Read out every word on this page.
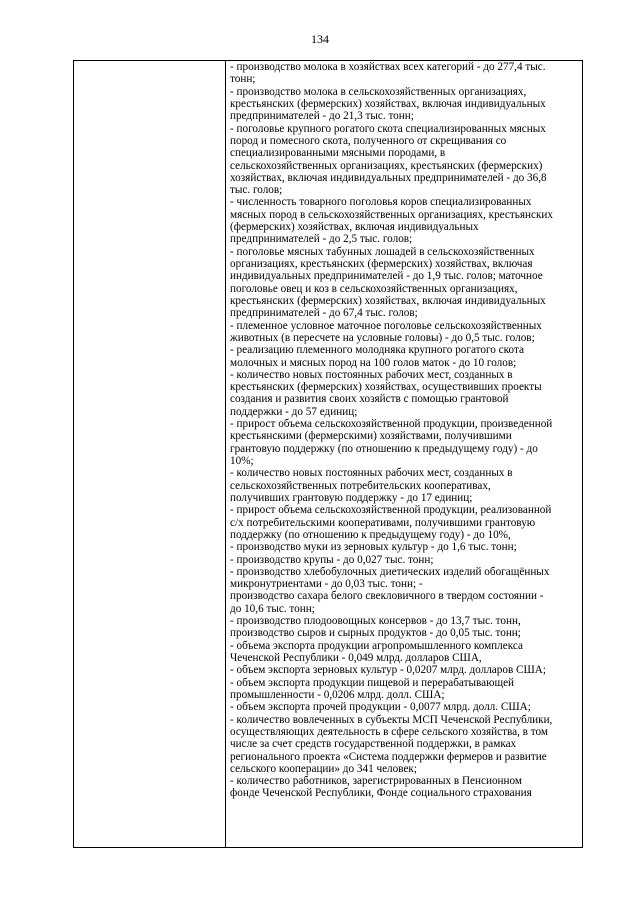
134
- производство молока в хозяйствах всех категорий - до 277,4 тыс.
тонн;
- производство молока в сельскохозяйственных организациях,
крестьянских (фермерских) хозяйствах, включая индивидуальных
предпринимателей - до 21,3 тыс. тонн;
- поголовье крупного рогатого скота специализированных мясных
пород и помесного скота, полученного от скрещивания со
специализированными мясными породами, в
сельскохозяйственных организациях, крестьянских (фермерских)
хозяйствах, включая индивидуальных предпринимателей - до 36,8
тыс. голов;
- численность товарного поголовья коров специализированных
мясных пород в сельскохозяйственных организациях, крестьянских
(фермерских) хозяйствах, включая индивидуальных
предпринимателей - до 2,5 тыс. голов;
- поголовье мясных табунных лошадей в сельскохозяйственных
организациях, крестьянских (фермерских) хозяйствах, включая
индивидуальных предпринимателей - до 1,9 тыс. голов; маточное
поголовье овец и коз в сельскохозяйственных организациях,
крестьянских (фермерских) хозяйствах, включая индивидуальных
предпринимателей - до 67,4 тыс. голов;
- племенное условное маточное поголовье сельскохозяйственных
животных (в пересчете на условные головы) - до 0,5 тыс. голов;
- реализацию племенного молодняка крупного рогатого скота
молочных и мясных пород на 100 голов маток - до 10 голов;
- количество новых постоянных рабочих мест, созданных в
крестьянских (фермерских) хозяйствах, осуществивших проекты
создания и развития своих хозяйств с помощью грантовой
поддержки - до 57 единиц;
- прирост объема сельскохозяйственной продукции, произведенной
крестьянскими (фермерскими) хозяйствами, получившими
грантовую поддержку (по отношению к предыдущему году) - до
10%;
- количество новых постоянных рабочих мест, созданных в
сельскохозяйственных потребительских кооперативах,
получивших грантовую поддержку - до 17 единиц;
- прирост объема сельскохозяйственной продукции, реализованной
с/х потребительскими кооперативами, получившими грантовую
поддержку (по отношению к предыдущему году) - до 10%,
- производство муки из зерновых культур - до 1,6 тыс. тонн;
- производство крупы - до 0,027 тыс. тонн;
- производство хлебобулочных диетических изделий обогащённых
микронутриентами - до 0,03 тыс. тонн; -
производство сахара белого свекловичного в твердом состоянии -
до 10,6 тыс. тонн;
- производство плодоовощных консервов - до 13,7 тыс. тонн,
производство сыров и сырных продуктов - до 0,05 тыс. тонн;
- объема экспорта продукции агропромышленного комплекса
Чеченской Республики - 0,049 млрд. долларов США,
- объем экспорта зерновых культур - 0,0207 млрд. долларов США;
- объем экспорта продукции пищевой и перерабатывающей
промышленности - 0,0206 млрд. долл. США;
- объем экспорта прочей продукции - 0,0077 млрд. долл. США;
- количество вовлеченных в субъекты МСП Чеченской Республики,
осуществляющих деятельность в сфере сельского хозяйства, в том
числе за счет средств государственной поддержки, в рамках
регионального проекта «Система поддержки фермеров и развитие
сельского кооперации» до 341 человек;
- количество работников, зарегистрированных в Пенсионном
фонде Чеченской Республики, Фонде социального страхования
